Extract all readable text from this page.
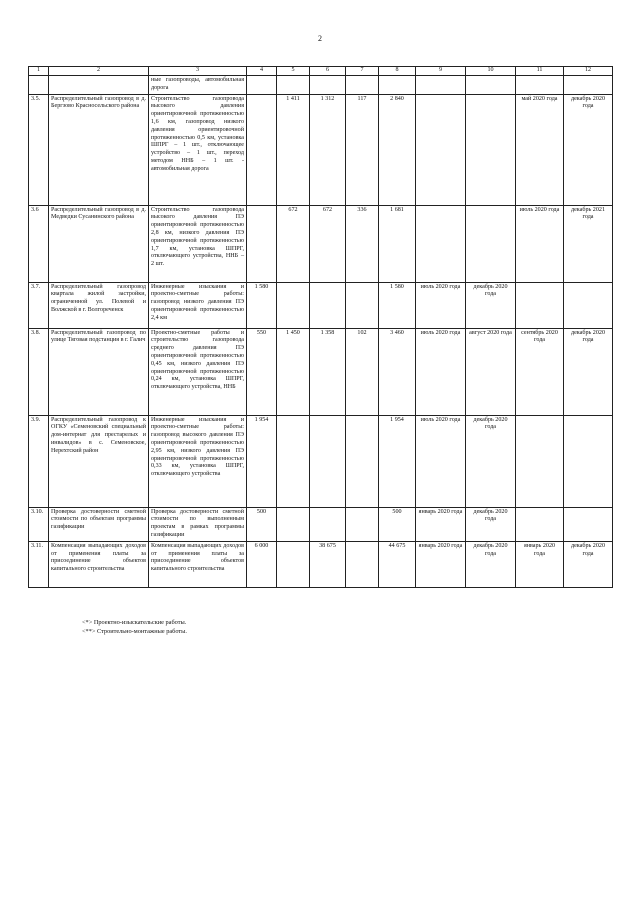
2
1	2	3	4	5	6	7	8	9	10	11	12
		ные газопроводы, автомобильная дорога									
3.5.	Распределительный газопровод в д. Бергзово Красносельского района	Строительство газопровода высокого давления ориентировочной протяженностью 1,6 км, газопровод низкого давления ориентировочной протяженностью 0,5 км, установка ШПРГ – 1 шт., отключающее устройство – 1 шт., переход методом ННБ – 1 шт. - автомобильная дорога		1 411	1 312	117	2 840			май 2020 года	декабрь 2020 года
3.6	Распределительный газопровод в д. Медведки Сусанинского района	Строительство газопровода высокого давления ПЭ ориентировочной протяженностью 2,8 км, низкого давления ПЭ ориентировочной протяженностью 1,7 км, установка ШПРГ, отключающего устройства, ННБ – 2 шт.		672	672	336	1 681			июль 2020 года	декабрь 2021 года
3.7.	Распределительный газопровод квартала жилой застройки, ограниченной ул. Полевой и Волжской в г. Волгореченск	Инженерные изыскания и проектно-сметные работы: газопровод низкого давления ПЭ ориентировочной протяженностью 2,4 км	1 580				1 580	июль 2020 года	декабрь 2020 года		
3.8.	Распределительный газопровод по улице Тяговая подстанция в г. Галич	Проектно-сметные работы и строительство газопровода среднего давления ПЭ ориентировочной протяженностью 0,45 км, низкого давления ПЭ ориентировочной протяженностью 0,24 км, установка ШПРГ, отключающего устройства, ННБ	550	1 450	1 358	102	3 460	июль 2020 года	август 2020 года	сентябрь 2020 года	декабрь 2020 года
3.9.	Распределительный газопровод к ОГКУ «Семеновский специальный дом-интернат для престарелых и инвалидов» в с. Семеновское, Нерехтский район	Инженерные изыскания и проектно-сметные работы: газопровод высокого давления ПЭ ориентировочной протяженностью 2,95 км, низкого давления ПЭ ориентировочной протяженностью 0,33 км, установка ШПРГ, отключающего устройства	1 954				1 954	июль 2020 года	декабрь 2020 года		
3.10.	Проверка достоверности сметной стоимости по объектам программы газификации	Проверка достоверности сметной стоимости по выполненным проектам в рамках программы газификации	500				500	январь 2020 года	декабрь 2020 года		
3.11.	Компенсация выпадающих доходов от применения платы за присоединение объектов капитального строительства	Компенсация выпадающих доходов от применения платы за присоединение объектов капитального строительства	6 000		38 675		44 675	январь 2020 года	декабрь 2020 года	январь 2020 года	декабрь 2020 года
<*> Проектно-изыскательские работы.
<**> Строительно-монтажные работы.
